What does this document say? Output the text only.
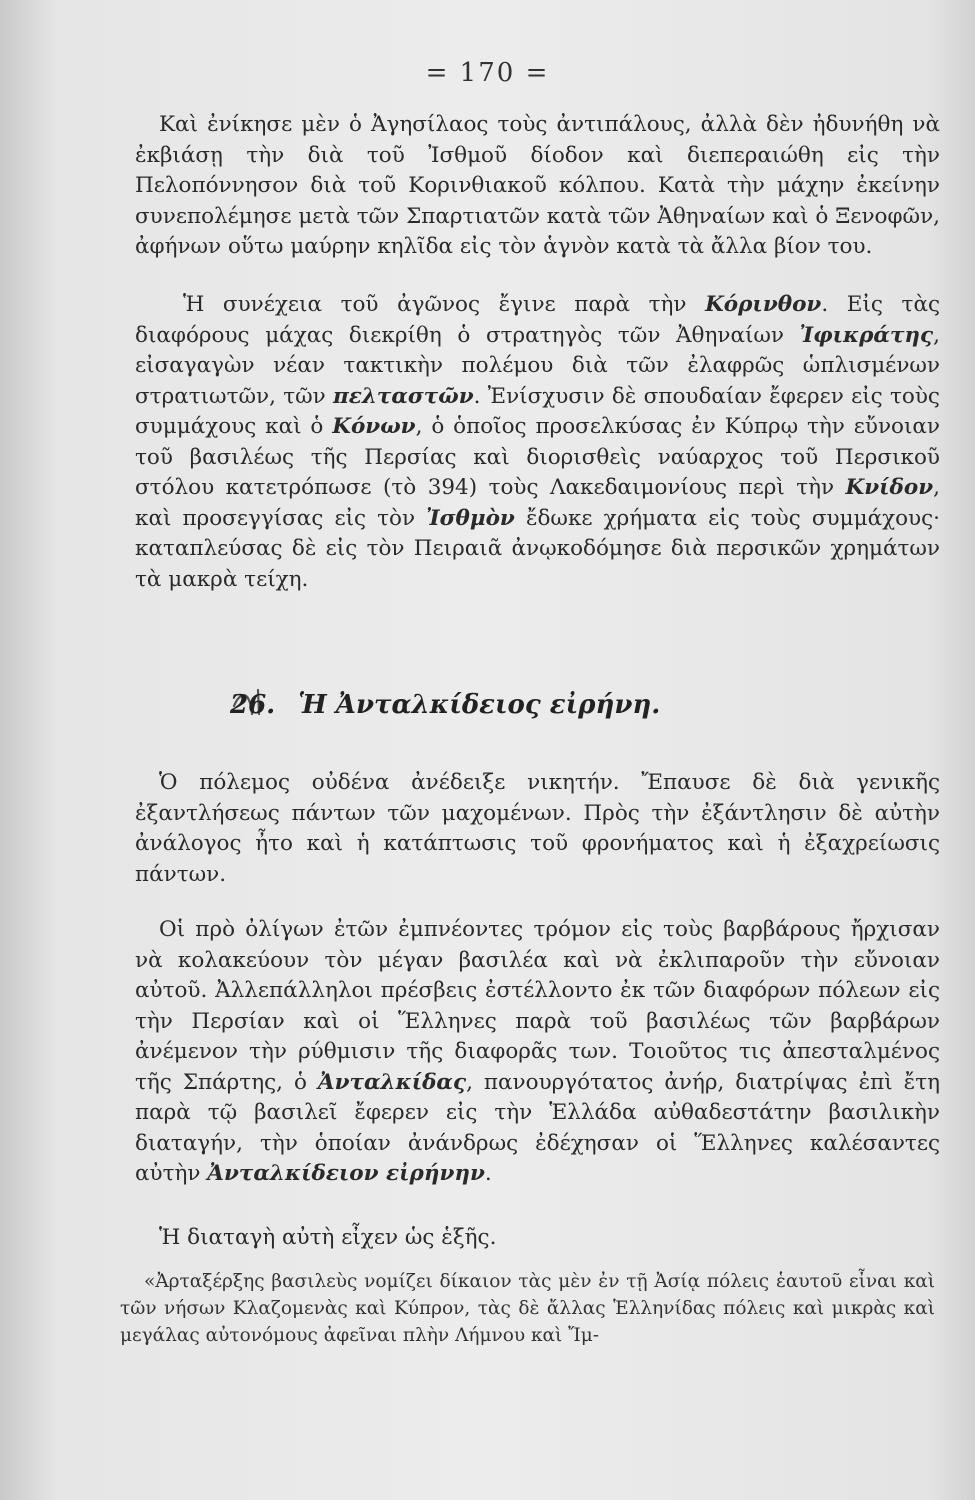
= 170 =

Καὶ ἐνίκησε μὲν ὁ Ἀγησίλαος τοὺς ἀντιπάλους, ἀλλὰ δὲν ἠδυνήθη νὰ ἐκβιάσῃ τὴν διὰ τοῦ Ἰσθμοῦ δίοδον καὶ διεπεραιώθη εἰς τὴν Πελοπόννησον διὰ τοῦ Κορινθιακοῦ κόλπου. Κατὰ τὴν μάχην ἐκείνην συνεπολέμησε μετὰ τῶν Σπαρτιατῶν κατὰ τῶν Ἀθηναίων καὶ ὁ Ξενοφῶν, ἀφήνων οὕτω μαύρην κηλῖδα εἰς τὸν ἁγνὸν κατὰ τὰ ἄλλα βίον του.

Ἡ συνέχεια τοῦ ἀγῶνος ἔγινε παρὰ τὴν Κόρινθον. Εἰς τὰς διαφόρους μάχας διεκρίθη ὁ στρατηγὸς τῶν Ἀθηναίων Ἰφικράτης, εἰσαγαγὼν νέαν τακτικὴν πολέμου διὰ τῶν ἐλαφρῶς ὡπλισμένων στρατιωτῶν, τῶν πελταστῶν. Ἐνίσχυσιν δὲ σπουδαίαν ἔφερεν εἰς τοὺς συμμάχους καὶ ὁ Κόνων, ὁ ὁποῖος προσελκύσας ἐν Κύπρῳ τὴν εὔνοιαν τοῦ βασιλέως τῆς Περσίας καὶ διορισθεὶς ναύαρχος τοῦ Περσικοῦ στόλου κατετρόπωσε (τὸ 394) τοὺς Λακεδαιμονίους περὶ τὴν Κνίδον, καὶ προσεγγίσας εἰς τὸν Ἰσθμὸν ἔδωκε χρήματα εἰς τοὺς συμμάχους· καταπλεύσας δὲ εἰς τὸν Πειραιᾶ ἀνῳκοδόμησε διὰ περσικῶν χρημάτων τὰ μακρὰ τείχη.

26. Ἡ Ἀνταλκίδειος εἰρήνη.

Ὁ πόλεμος οὐδένα ἀνέδειξε νικητήν. Ἔπαυσε δὲ διὰ γενικῆς ἐξαντλήσεως πάντων τῶν μαχομένων. Πρὸς τὴν ἐξάντλησιν δὲ αὐτὴν ἀνάλογος ἦτο καὶ ἡ κατάπτωσις τοῦ φρονήματος καὶ ἡ ἐξαχρείωσις πάντων.

Οἱ πρὸ ὀλίγων ἐτῶν ἐμπνέοντες τρόμον εἰς τοὺς βαρβάρους ἤρχισαν νὰ κολακεύουν τὸν μέγαν βασιλέα καὶ νὰ ἐκλιπαροῦν τὴν εὔνοιαν αὐτοῦ. Ἀλλεπάλληλοι πρέσβεις ἐστέλλοντο ἐκ τῶν διαφόρων πόλεων εἰς τὴν Περσίαν καὶ οἱ Ἕλληνες παρὰ τοῦ βασιλέως τῶν βαρβάρων ἀνέμενον τὴν ρύθμισιν τῆς διαφορᾶς των. Τοιοῦτος τις ἀπεσταλμένος τῆς Σπάρτης, ὁ Ἀνταλκίδας, πανουργότατος ἀνήρ, διατρίψας ἐπὶ ἔτη παρὰ τῷ βασιλεῖ ἔφερεν εἰς τὴν Ἑλλάδα αὐθαδεστάτην βασιλικὴν διαταγήν, τὴν ὁποίαν ἀνάνδρως ἐδέχησαν οἱ Ἕλληνες καλέσαντες αὐτὴν Ἀνταλκίδειον εἰρήνην.

Ἡ διαταγὴ αὐτὴ εἶχεν ὡς ἑξῆς.

«Ἀρταξέρξης βασιλεὺς νομίζει δίκαιον τὰς μὲν ἐν τῇ Ἀσίᾳ πόλεις ἑαυτοῦ εἶναι καὶ τῶν νήσων Κλαζομενὰς καὶ Κύπρον, τὰς δὲ ἄλλας Ἑλληνίδας πόλεις καὶ μικρὰς καὶ μεγάλας αὐτονόμους ἀφεῖναι πλὴν Λήμνου καὶ Ἴμ-
